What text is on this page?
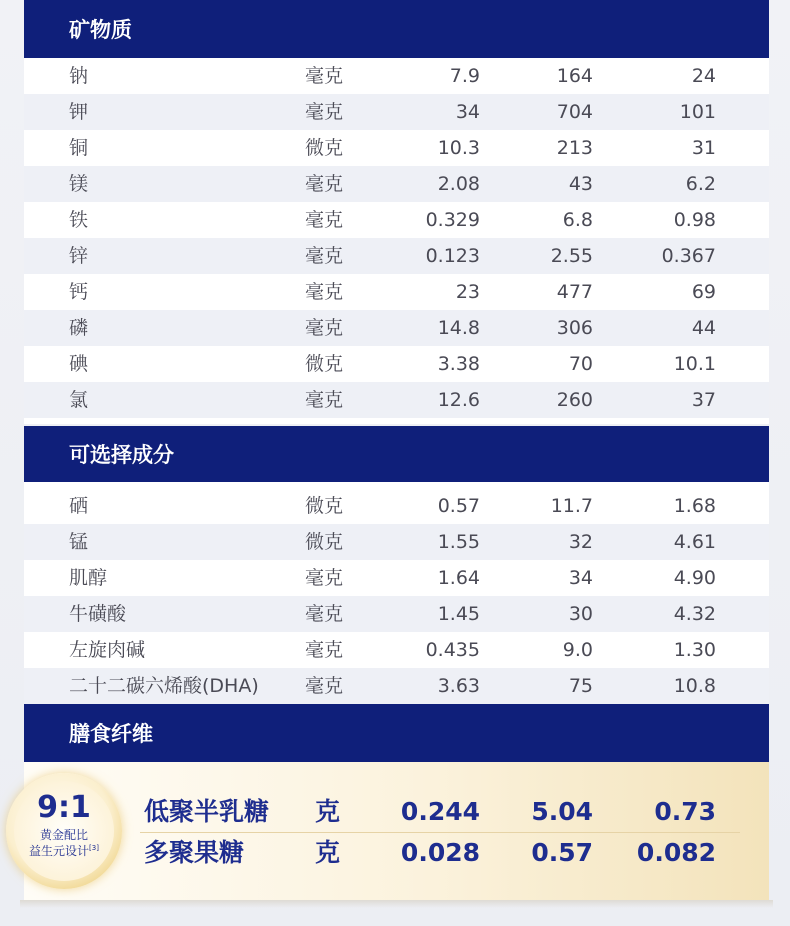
矿物质
钠	毫克	7.9	164	24
钾	毫克	34	704	101
铜	微克	10.3	213	31
镁	毫克	2.08	43	6.2
铁	毫克	0.329	6.8	0.98
锌	毫克	0.123	2.55	0.367
钙	毫克	23	477	69
磷	毫克	14.8	306	44
碘	微克	3.38	70	10.1
氯	毫克	12.6	260	37
可选择成分
硒	微克	0.57	11.7	1.68
锰	微克	1.55	32	4.61
肌醇	毫克	1.64	34	4.90
牛磺酸	毫克	1.45	30	4.32
左旋肉碱	毫克	0.435	9.0	1.30
二十二碳六烯酸(DHA) 毫克	3.63	75	10.8
膳食纤维
低聚半乳糖 克 0.244 5.04 0.73
多聚果糖	克 0.028 0.57 0.082
9:1
黄金配比
益生元设计[3]
